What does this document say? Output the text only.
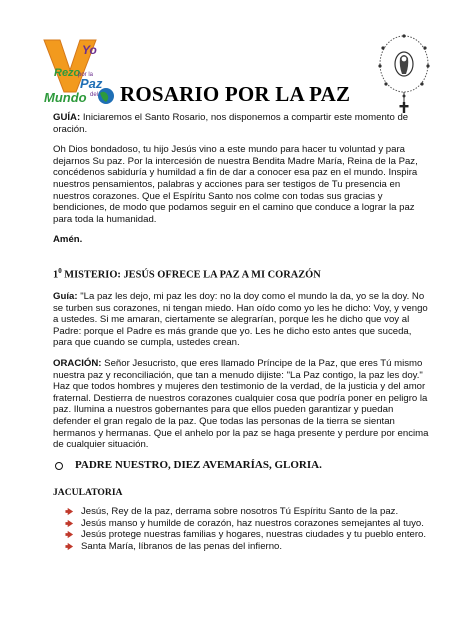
Yo
Rezo
por la
Paz
Mundo del ROSARIO POR LA PAZ

GUÍA: Iniciaremos el Santo Rosario, nos disponemos a compartir este momento de oración.

Oh Dios bondadoso, tu hijo Jesús vino a este mundo para hacer tu voluntad y para dejarnos Su paz. Por la intercesión de nuestra Bendita Madre María, Reina de la Paz, concédenos sabiduría y humildad a fin de dar a conocer esa paz en el mundo. Inspira nuestros pensamientos, palabras y acciones para ser testigos de Tu presencia en nuestros corazones. Que el Espíritu Santo nos colme con todas sus gracias y bendiciones, de modo que podamos seguir en el camino que conduce a lograr la paz para toda la humanidad.

Amén.

$1^0$ MISTERIO: JESÚS OFRECE LA PAZ A MI CORAZÓN

Guía: "La paz les dejo, mi paz les doy: no la doy como el mundo la da, yo se la doy. No se turben sus corazones, ni tengan miedo. Han oído como yo les he dicho: Voy, y vengo a ustedes. Si me amaran, ciertamente se alegrarían, porque les he dicho que voy al Padre: porque el Padre es más grande que yo. Les he dicho esto antes que suceda, para que cuando se cumpla, ustedes crean.

ORACIÓN: Señor Jesucristo, que eres llamado Príncipe de la Paz, que eres Tú mismo nuestra paz y reconciliación, que tan a menudo dijiste: "La Paz contigo, la paz les doy." Haz que todos hombres y mujeres den testimonio de la verdad, de la justicia y del amor fraternal. Destierra de nuestros corazones cualquier cosa que podría poner en peligro la paz. Ilumina a nuestros gobernantes para que ellos pueden garantizar y puedan defender el gran regalo de la paz. Que todas las personas de la tierra se sientan hermanos y hermanas. Que el anhelo por la paz se haga presente y perdure por encima de cualquier situación.

PADRE NUESTRO, DIEZ AVEMARÍAS, GLORIA.
JACULATORIA
Jesús, Rey de la paz, derrama sobre nosotros Tú Espíritu Santo de la paz.
Jesús manso y humilde de corazón, haz nuestros corazones semejantes al tuyo.
Jesús protege nuestras familias y hogares, nuestras ciudades y tu pueblo entero.
Santa María, líbranos de las penas del infierno.
